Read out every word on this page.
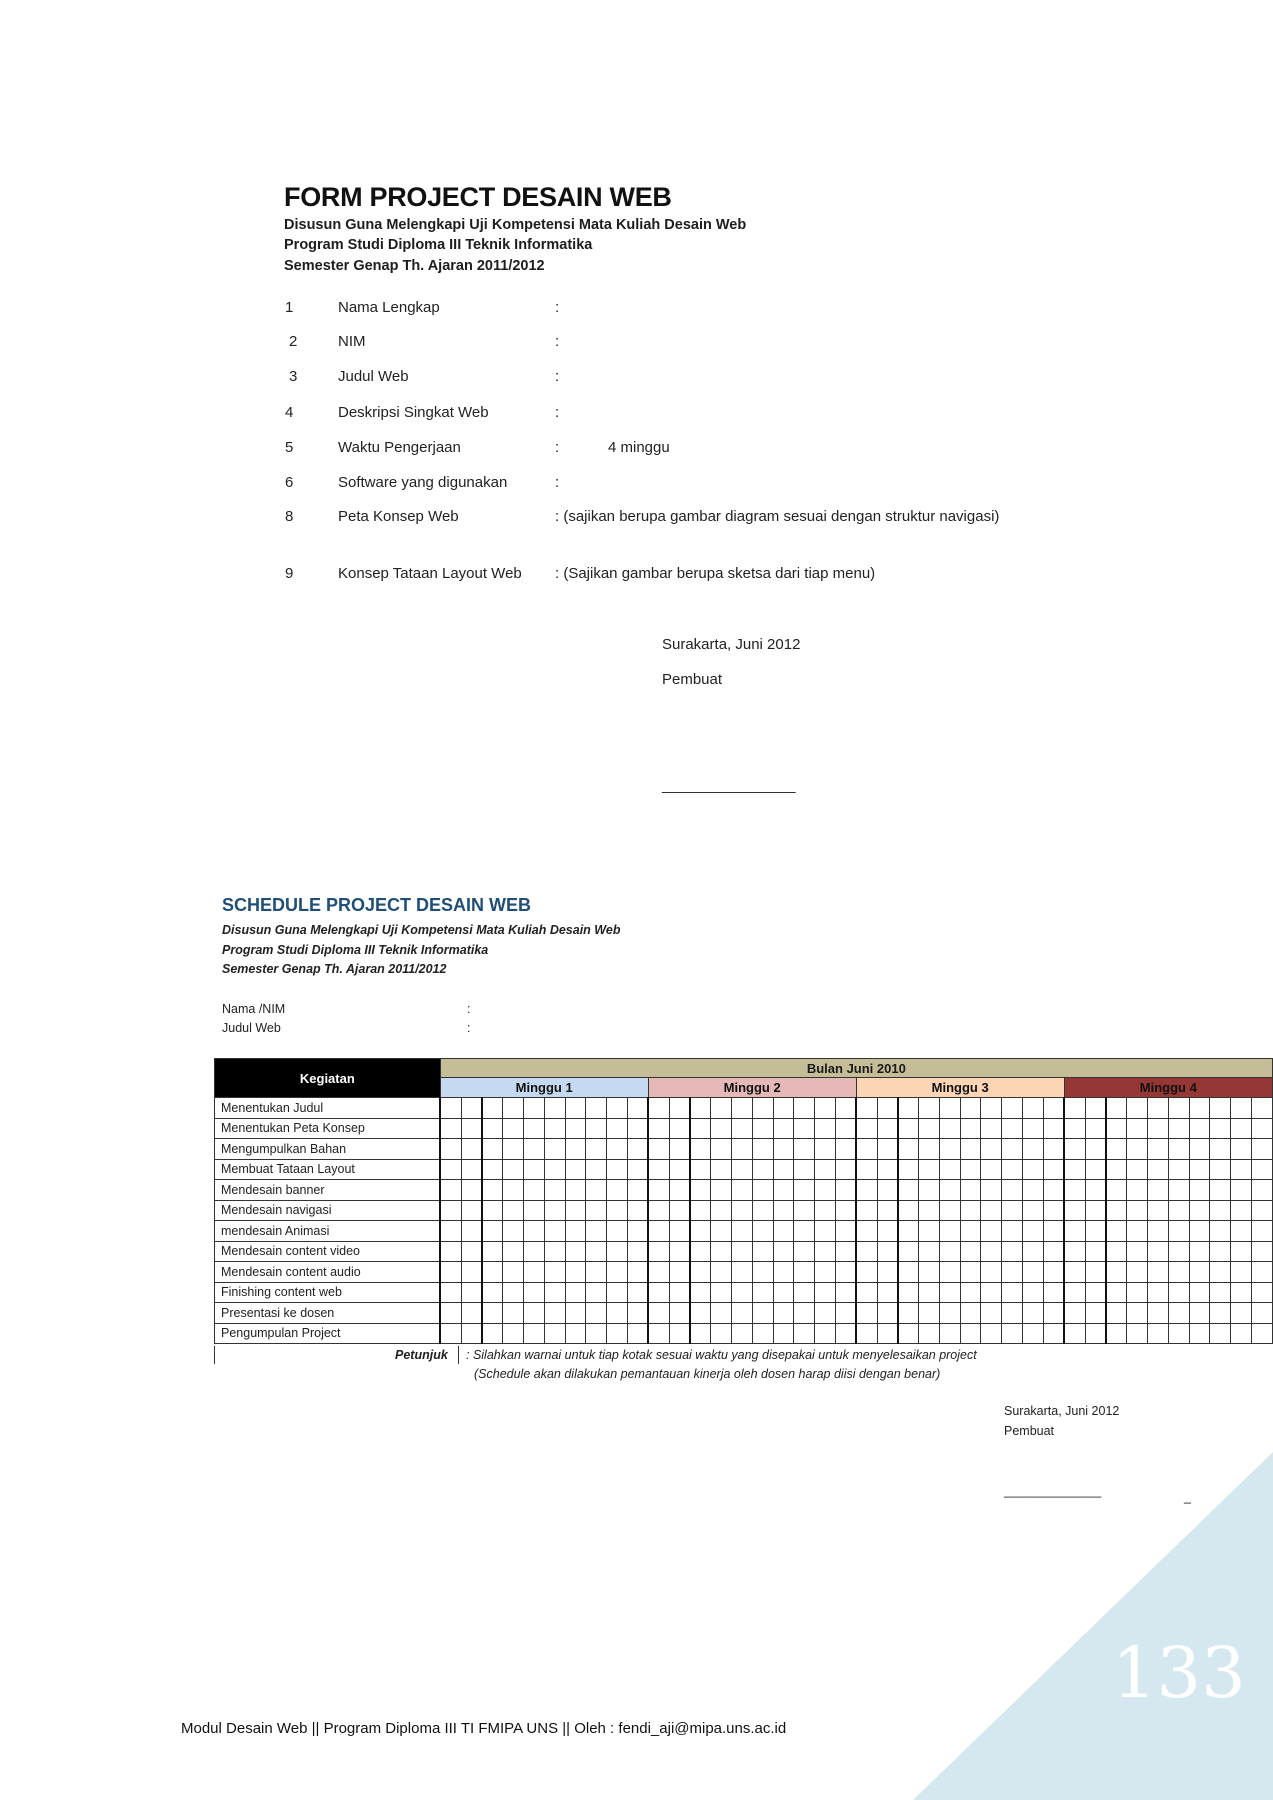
FORM PROJECT DESAIN WEB
Disusun Guna Melengkapi Uji Kompetensi Mata Kuliah Desain Web
Program Studi Diploma III Teknik Informatika
Semester Genap Th. Ajaran 2011/2012
1	Nama Lengkap	:
2	NIM	:
3	Judul Web	:
4	Deskripsi Singkat Web	:
5	Waktu Pengerjaan	:	4 minggu
6	Software yang digunakan	:
8	Peta Konsep Web	: (sajikan berupa gambar diagram sesuai dengan struktur navigasi)
9	Konsep Tataan Layout Web : (Sajikan gambar berupa sketsa dari tiap menu)
Surakarta, Juni 2012
Pembuat
________________
SCHEDULE PROJECT DESAIN WEB
Disusun Guna Melengkapi Uji Kompetensi Mata Kuliah Desain Web
Program Studi Diploma III Teknik Informatika
Semester Genap Th. Ajaran 2011/2012
Nama /NIM	:
Judul Web	:
Kegiatan	Bulan Juni 2010																																							
	Minggu 1										Minggu 2										Minggu 3										Minggu 4									
Menentukan Judul																																								
Menentukan Peta Konsep																																								
Mengumpulkan Bahan																																								
Membuat Tataan Layout																																								
Mendesain banner																																								
Mendesain navigasi																																								
mendesain Animasi																																								
Mendesain content video																																								
Mendesain content audio																																								
Finishing content web																																								
Presentasi ke dosen																																								
Pengumpulan Project																																								
Petunjuk : Silahkan warnai untuk tiap kotak sesuai waktu yang disepakai untuk menyelesaikan project
(Schedule akan dilakukan pemantauan kinerja oleh dosen harap diisi dengan benar)
Surakarta, Juni 2012
Pembuat
______________	_
133
Modul Desain Web || Program Diploma III TI FMIPA UNS || Oleh : fendi_aji@mipa.uns.ac.id
